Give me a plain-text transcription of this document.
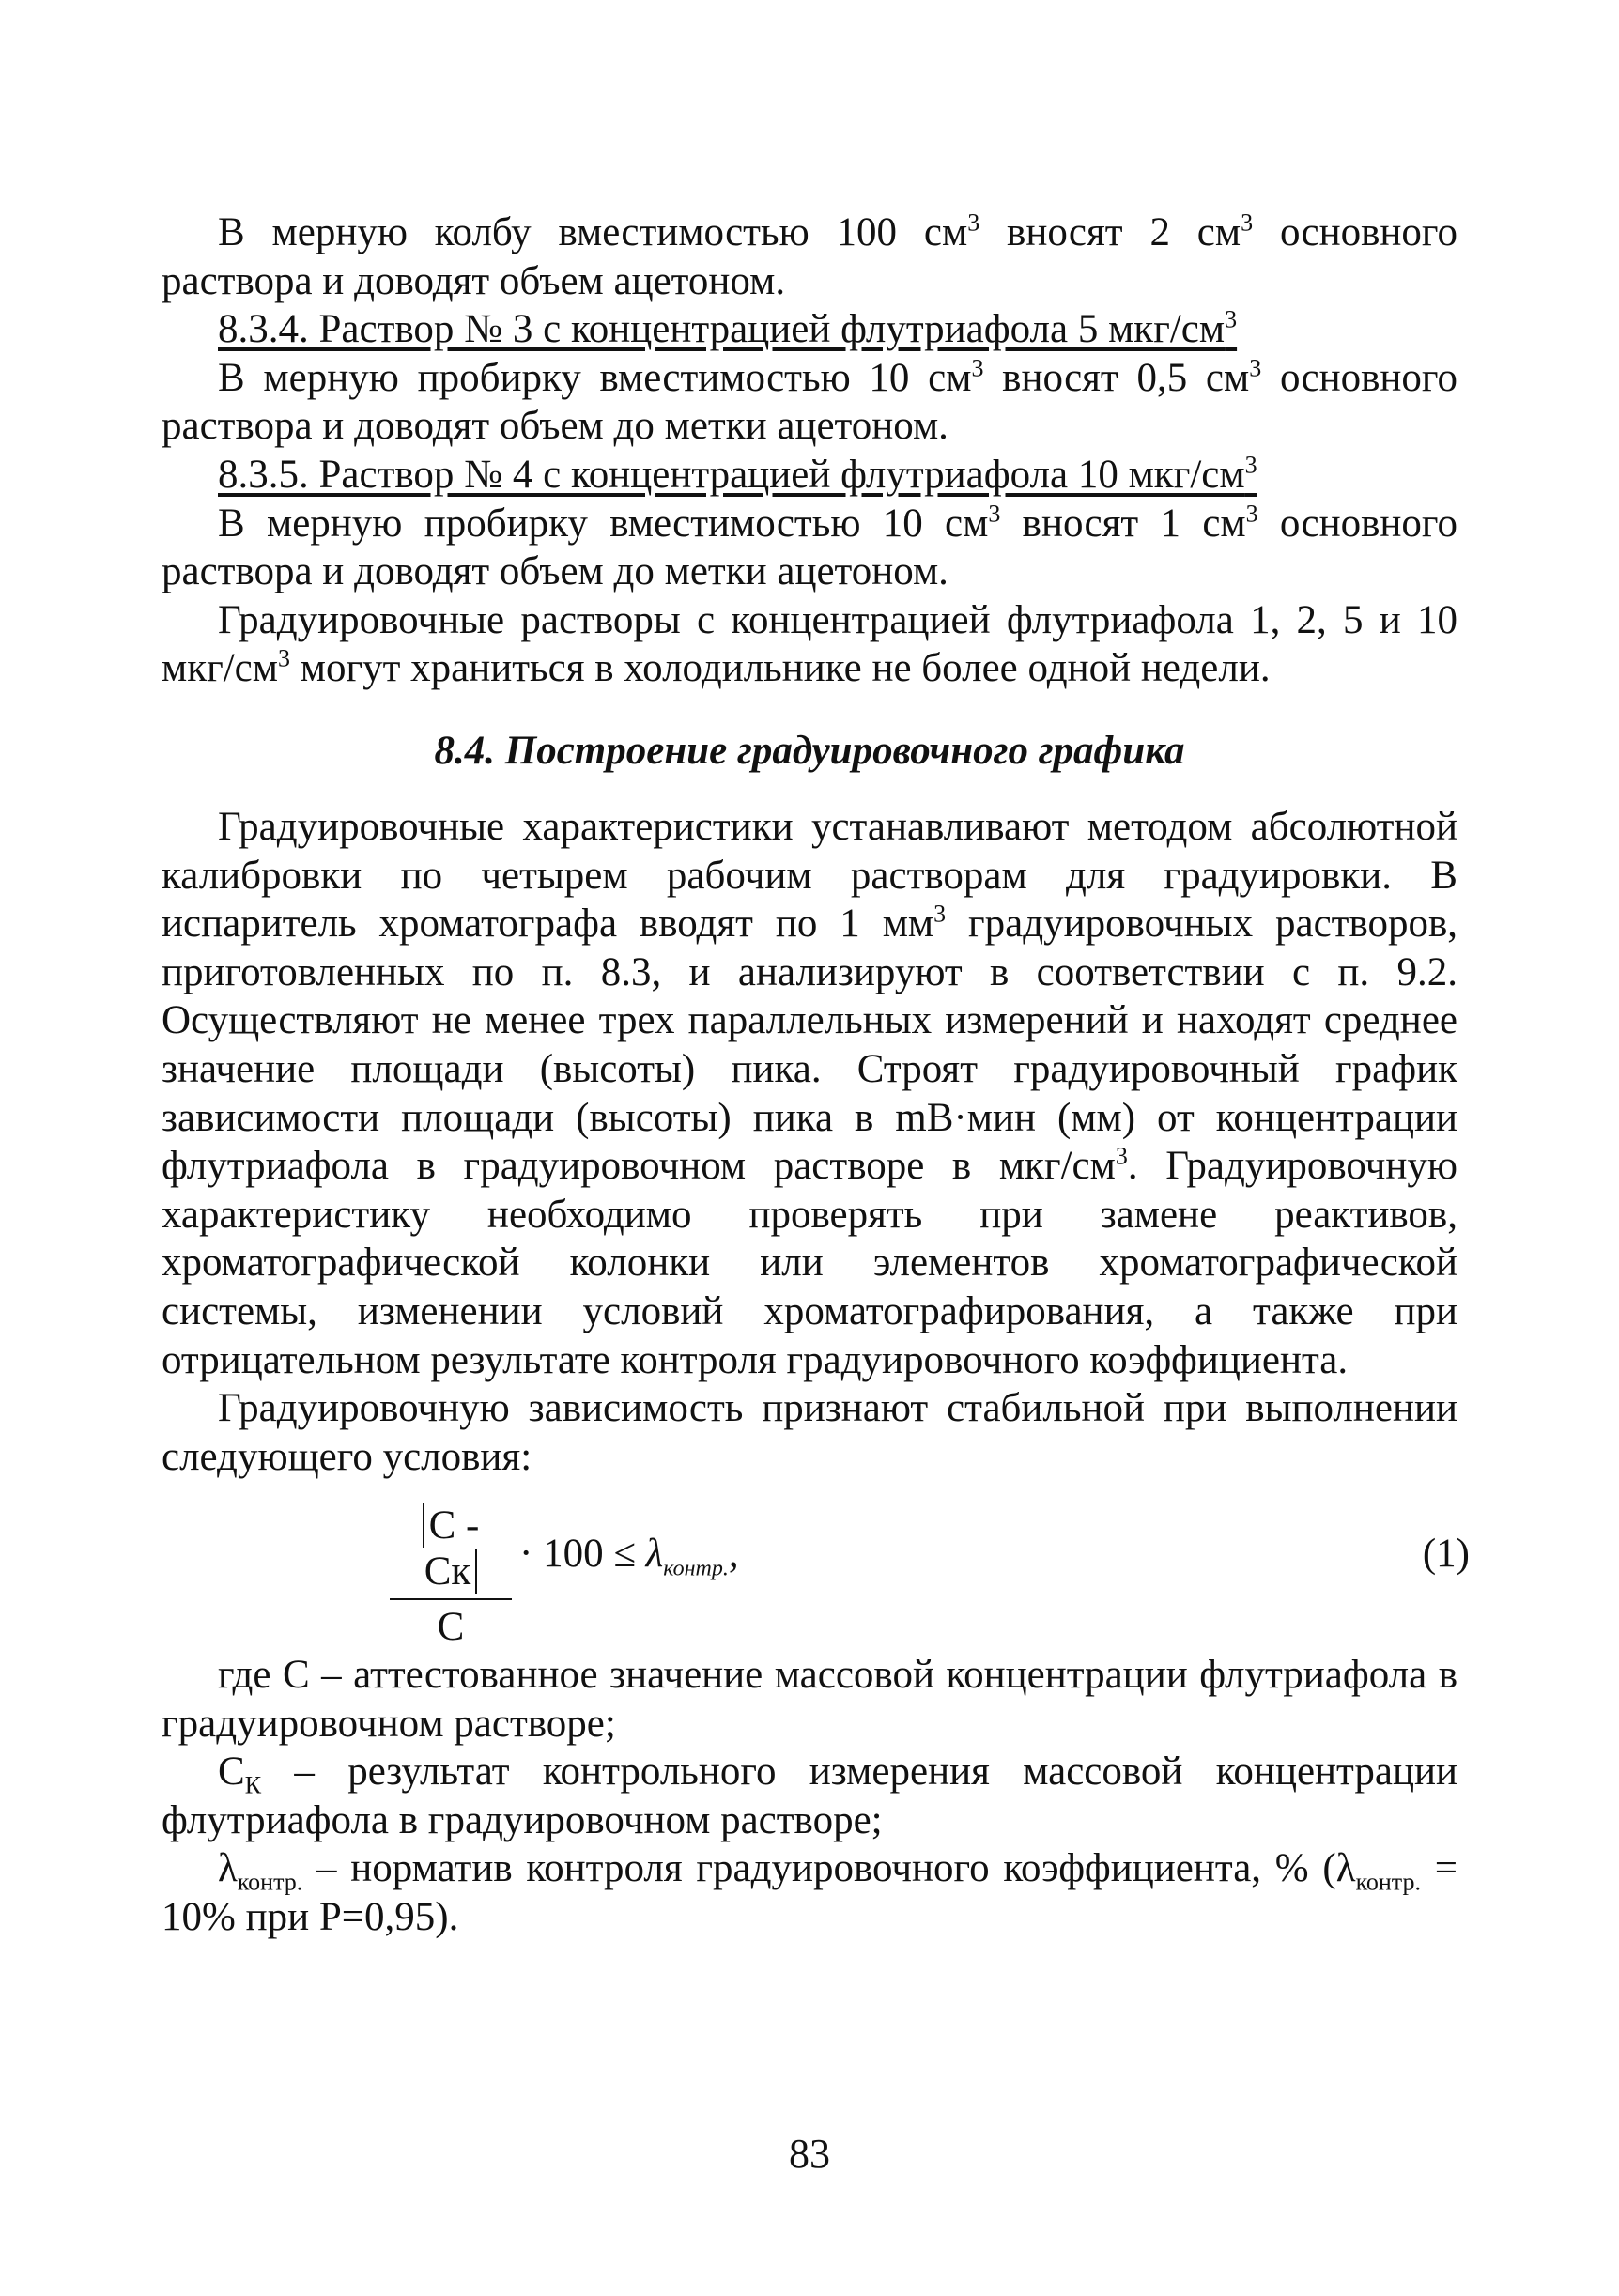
В мерную колбу вместимостью 100 $см^3$ вносят 2 $см^3$ основного раствора и доводят объем ацетоном.

8.3.4. Раствор № 3 с концентрацией флутриафола 5 мкг/$см^3$

В мерную пробирку вместимостью 10 $см^3$ вносят 0,5 $см^3$ основного раствора и доводят объем до метки ацетоном.

8.3.5. Раствор № 4 с концентрацией флутриафола 10 мкг/$см^3$

В мерную пробирку вместимостью 10 $см^3$ вносят 1 $см^3$ основного раствора и доводят объем до метки ацетоном.

Градуировочные растворы с концентрацией флутриафола 1, 2, 5 и 10 мкг/$см^3$ могут храниться в холодильнике не более одной недели.

8.4. Построение градуировочного графика

Градуировочные характеристики устанавливают методом абсолютной калибровки по четырем рабочим растворам для градуировки. В испаритель хроматографа вводят по 1 $мм^3$ градуировочных растворов, приготовленных по п. 8.3, и анализируют в соответствии с п. 9.2. Осуществляют не менее трех параллельных измерений и находят среднее значение площади (высоты) пика. Строят градуировочный график зависимости площади (высоты) пика в mВ·мин (мм) от концентрации флутриафола в градуировочном растворе в мкг/$см^3$. Градуировочную характеристику необходимо проверять при замене реактивов, хроматографической колонки или элементов хроматографической системы, изменении условий хроматографирования, а также при отрицательном результате контроля градуировочного коэффициента.

Градуировочную зависимость признают стабильной при выполнении следующего условия:

C - Cк
C
· $100 \le \lambda_{контр.}$,	(1)

где С – аттестованное значение массовой концентрации флутриафола в градуировочном растворе;

$С_К$ – результат контрольного измерения массовой концентрации флутриафола в градуировочном растворе;

$\lambda_{контр.}$ – норматив контроля градуировочного коэффициента, % ($\lambda_{контр.} = 10\%$ при Р=0,95).

83
